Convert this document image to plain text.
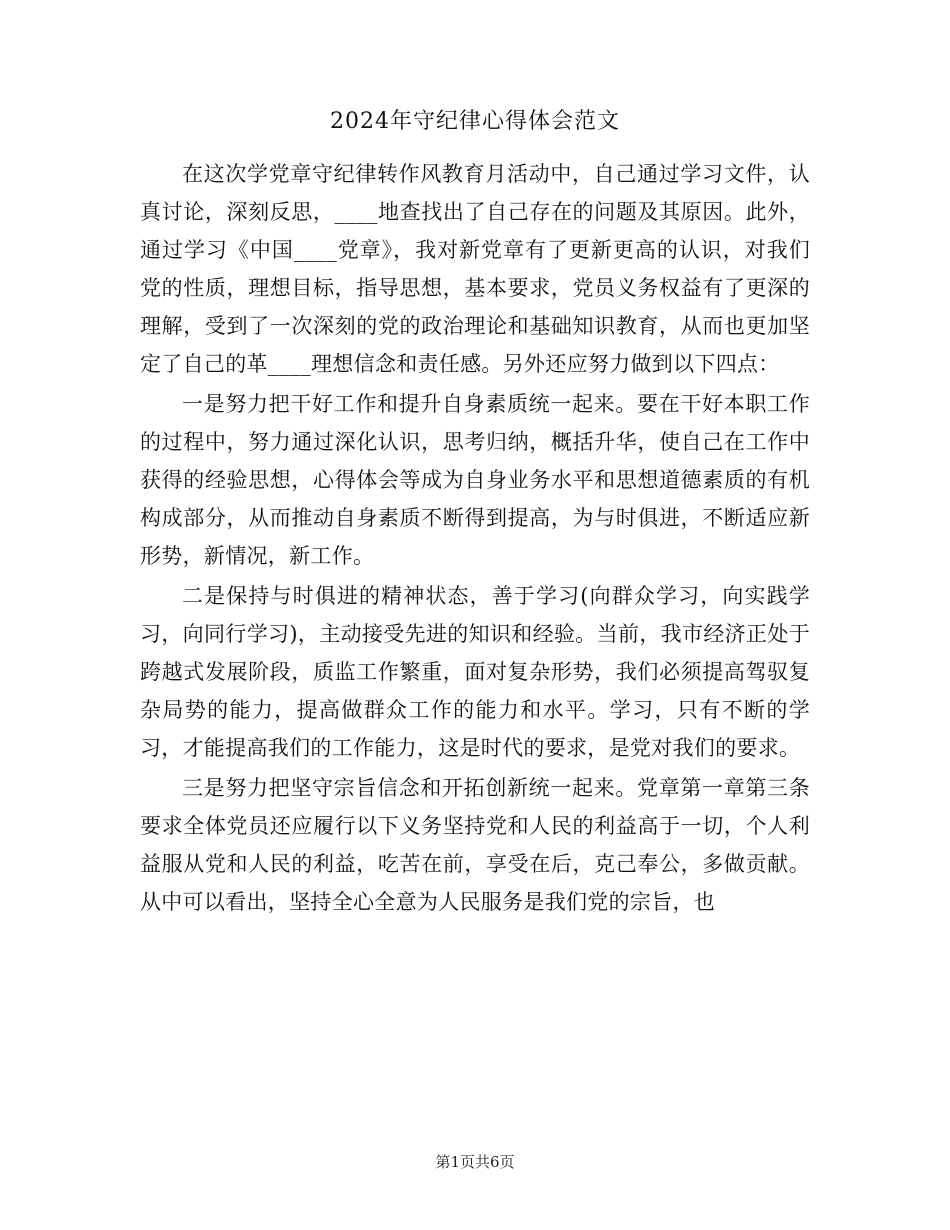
2024年守纪律心得体会范文

在这次学党章守纪律转作风教育月活动中，自己通过学习文件，认真讨论，深刻反思，____地查找出了自己存在的问题及其原因。此外，通过学习《中国____党章》，我对新党章有了更新更高的认识，对我们党的性质，理想目标，指导思想，基本要求，党员义务权益有了更深的理解，受到了一次深刻的党的政治理论和基础知识教育，从而也更加坚定了自己的革____理想信念和责任感。另外还应努力做到以下四点：

一是努力把干好工作和提升自身素质统一起来。要在干好本职工作的过程中，努力通过深化认识，思考归纳，概括升华，使自己在工作中获得的经验思想，心得体会等成为自身业务水平和思想道德素质的有机构成部分，从而推动自身素质不断得到提高，为与时俱进，不断适应新形势，新情况，新工作。

二是保持与时俱进的精神状态，善于学习(向群众学习，向实践学习，向同行学习)，主动接受先进的知识和经验。当前，我市经济正处于跨越式发展阶段，质监工作繁重，面对复杂形势，我们必须提高驾驭复杂局势的能力，提高做群众工作的能力和水平。学习，只有不断的学习，才能提高我们的工作能力，这是时代的要求，是党对我们的要求。

三是努力把坚守宗旨信念和开拓创新统一起来。党章第一章第三条要求全体党员还应履行以下义务坚持党和人民的利益高于一切，个人利益服从党和人民的利益，吃苦在前，享受在后，克己奉公，多做贡献。从中可以看出，坚持全心全意为人民服务是我们党的宗旨，也

第1页共6页
